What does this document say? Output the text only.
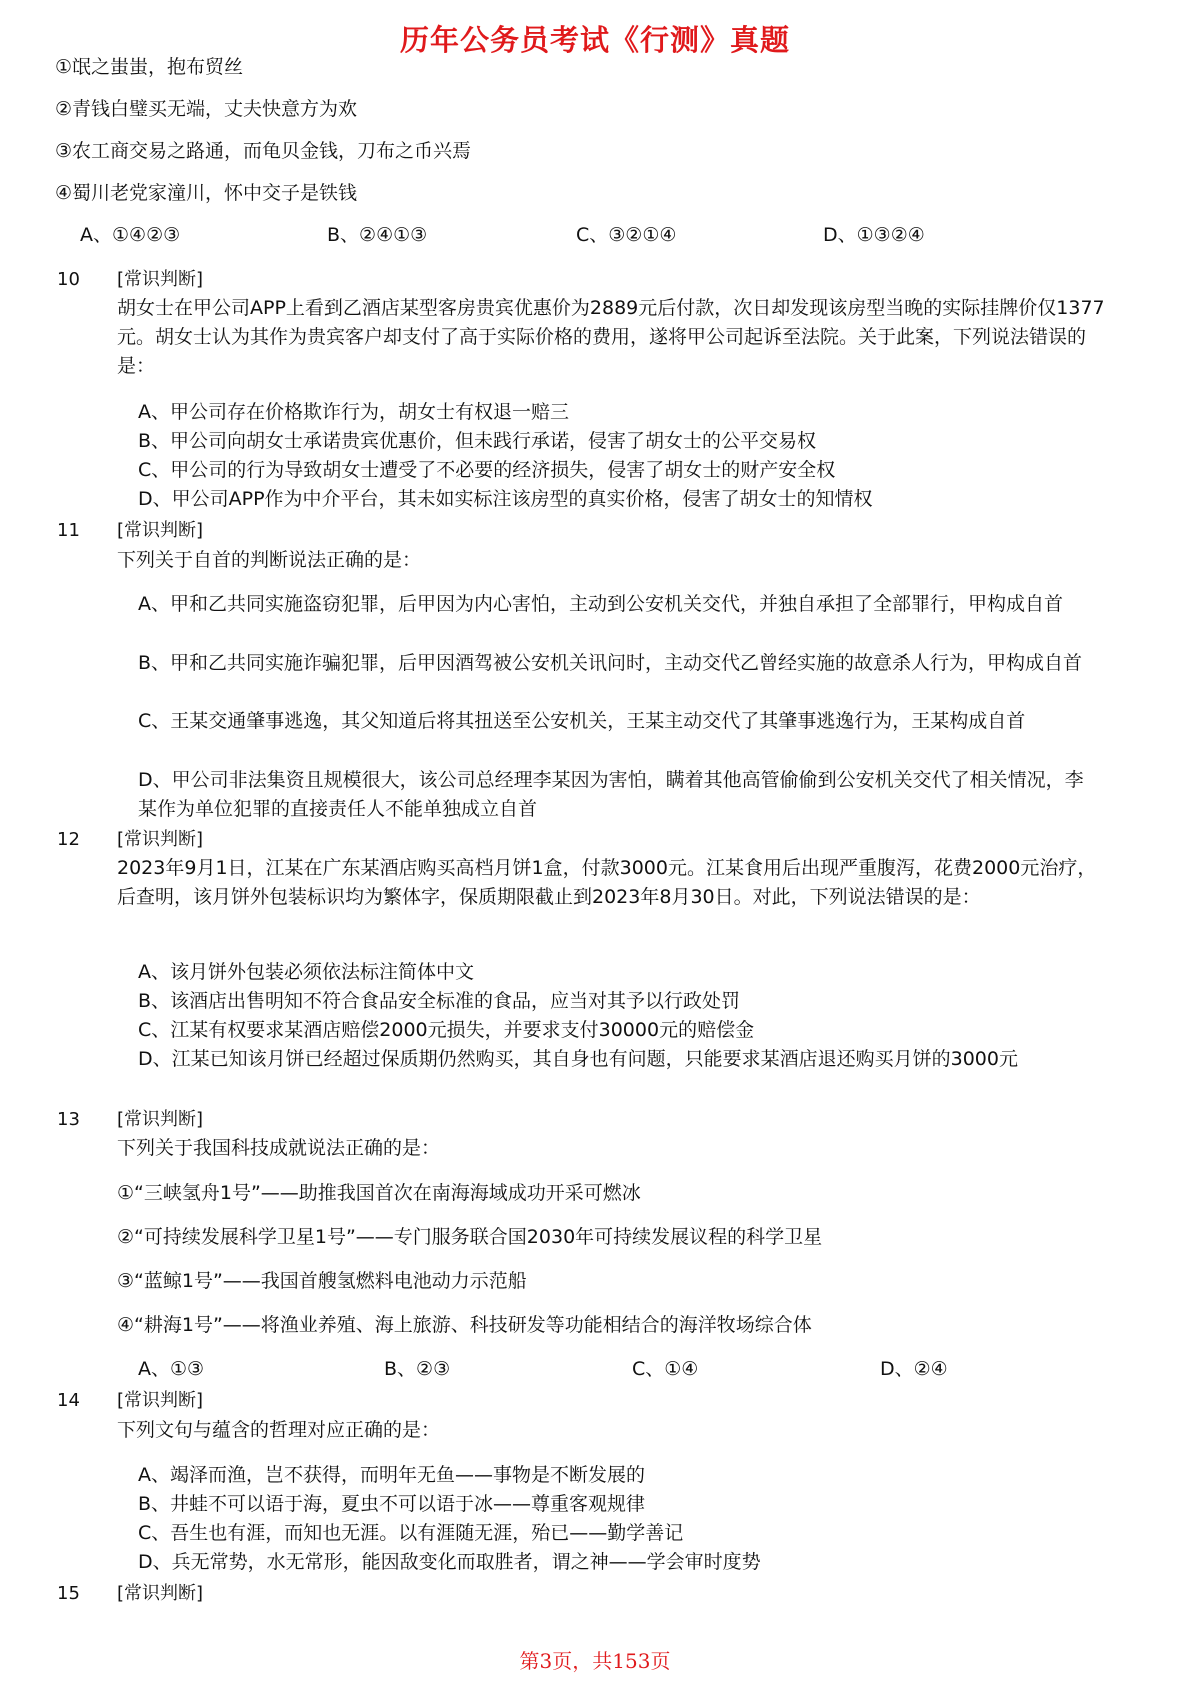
历年公务员考试《行测》真题
①氓之蚩蚩，抱布贸丝
②青钱白璧买无端，丈夫快意方为欢
③农工商交易之路通，而龟贝金钱，刀布之币兴焉
④蜀川老党家潼川，怀中交子是铁钱
A、①④②③	B、②④①③	C、③②①④	D、①③②④
10 [常识判断]
胡女士在甲公司APP上看到乙酒店某型客房贵宾优惠价为2889元后付款，次日却发现该房型当晚的实际挂牌价仅1377元。胡女士认为其作为贵宾客户却支付了高于实际价格的费用，遂将甲公司起诉至法院。关于此案，下列说法错误的是：
A、甲公司存在价格欺诈行为，胡女士有权退一赔三
B、甲公司向胡女士承诺贵宾优惠价，但未践行承诺，侵害了胡女士的公平交易权
C、甲公司的行为导致胡女士遭受了不必要的经济损失，侵害了胡女士的财产安全权
D、甲公司APP作为中介平台，其未如实标注该房型的真实价格，侵害了胡女士的知情权
11 [常识判断]
下列关于自首的判断说法正确的是：
A、甲和乙共同实施盗窃犯罪，后甲因为内心害怕，主动到公安机关交代，并独自承担了全部罪行，甲构成自首
B、甲和乙共同实施诈骗犯罪，后甲因酒驾被公安机关讯问时，主动交代乙曾经实施的故意杀人行为，甲构成自首
C、王某交通肇事逃逸，其父知道后将其扭送至公安机关，王某主动交代了其肇事逃逸行为，王某构成自首
D、甲公司非法集资且规模很大，该公司总经理李某因为害怕，瞒着其他高管偷偷到公安机关交代了相关情况，李某作为单位犯罪的直接责任人不能单独成立自首
12 [常识判断]
2023年9月1日，江某在广东某酒店购买高档月饼1盒，付款3000元。江某食用后出现严重腹泻，花费2000元治疗，后查明，该月饼外包装标识均为繁体字，保质期限截止到2023年8月30日。对此，下列说法错误的是：
A、该月饼外包装必须依法标注简体中文
B、该酒店出售明知不符合食品安全标准的食品，应当对其予以行政处罚
C、江某有权要求某酒店赔偿2000元损失，并要求支付30000元的赔偿金
D、江某已知该月饼已经超过保质期仍然购买，其自身也有问题，只能要求某酒店退还购买月饼的3000元
13 [常识判断]
下列关于我国科技成就说法正确的是：
①“三峡氢舟1号”——助推我国首次在南海海域成功开采可燃冰
②“可持续发展科学卫星1号”——专门服务联合国2030年可持续发展议程的科学卫星
③“蓝鲸1号”——我国首艘氢燃料电池动力示范船
④“耕海1号”——将渔业养殖、海上旅游、科技研发等功能相结合的海洋牧场综合体
A、①③	B、②③	C、①④	D、②④
14 [常识判断]
下列文句与蕴含的哲理对应正确的是：
A、竭泽而渔，岂不获得，而明年无鱼——事物是不断发展的
B、井蛙不可以语于海，夏虫不可以语于冰——尊重客观规律
C、吾生也有涯，而知也无涯。以有涯随无涯，殆已——勤学善记
D、兵无常势，水无常形，能因敌变化而取胜者，谓之神——学会审时度势
15 [常识判断]
第3页，共153页
